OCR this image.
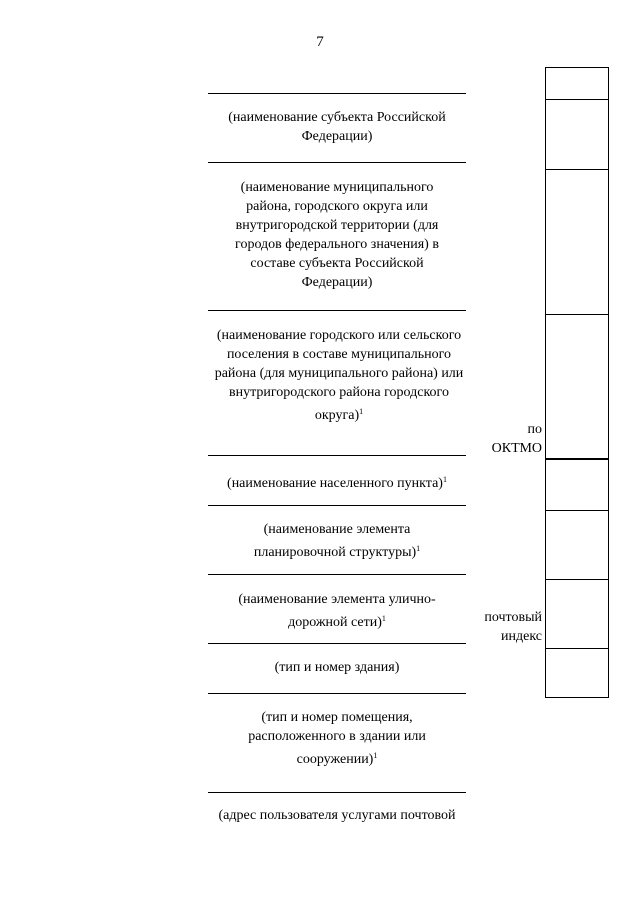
7
(наименование субъекта Российской Федерации)
(наименование муниципального района, городского округа или внутригородской территории (для городов федерального значения) в составе субъекта Российской Федерации)
(наименование городского или сельского поселения в составе муниципального района (для муниципального района) или внутригородского района городского округа)$^1$
(наименование населенного пункта)$^1$
(наименование элемента планировочной структуры)$^1$
(наименование элемента улично-дорожной сети)$^1$
(тип и номер здания)
(тип и номер помещения, расположенного в здании или сооружении)$^1$
(адрес пользователя услугами почтовой
по
ОКТМО
почтовый
индекс
